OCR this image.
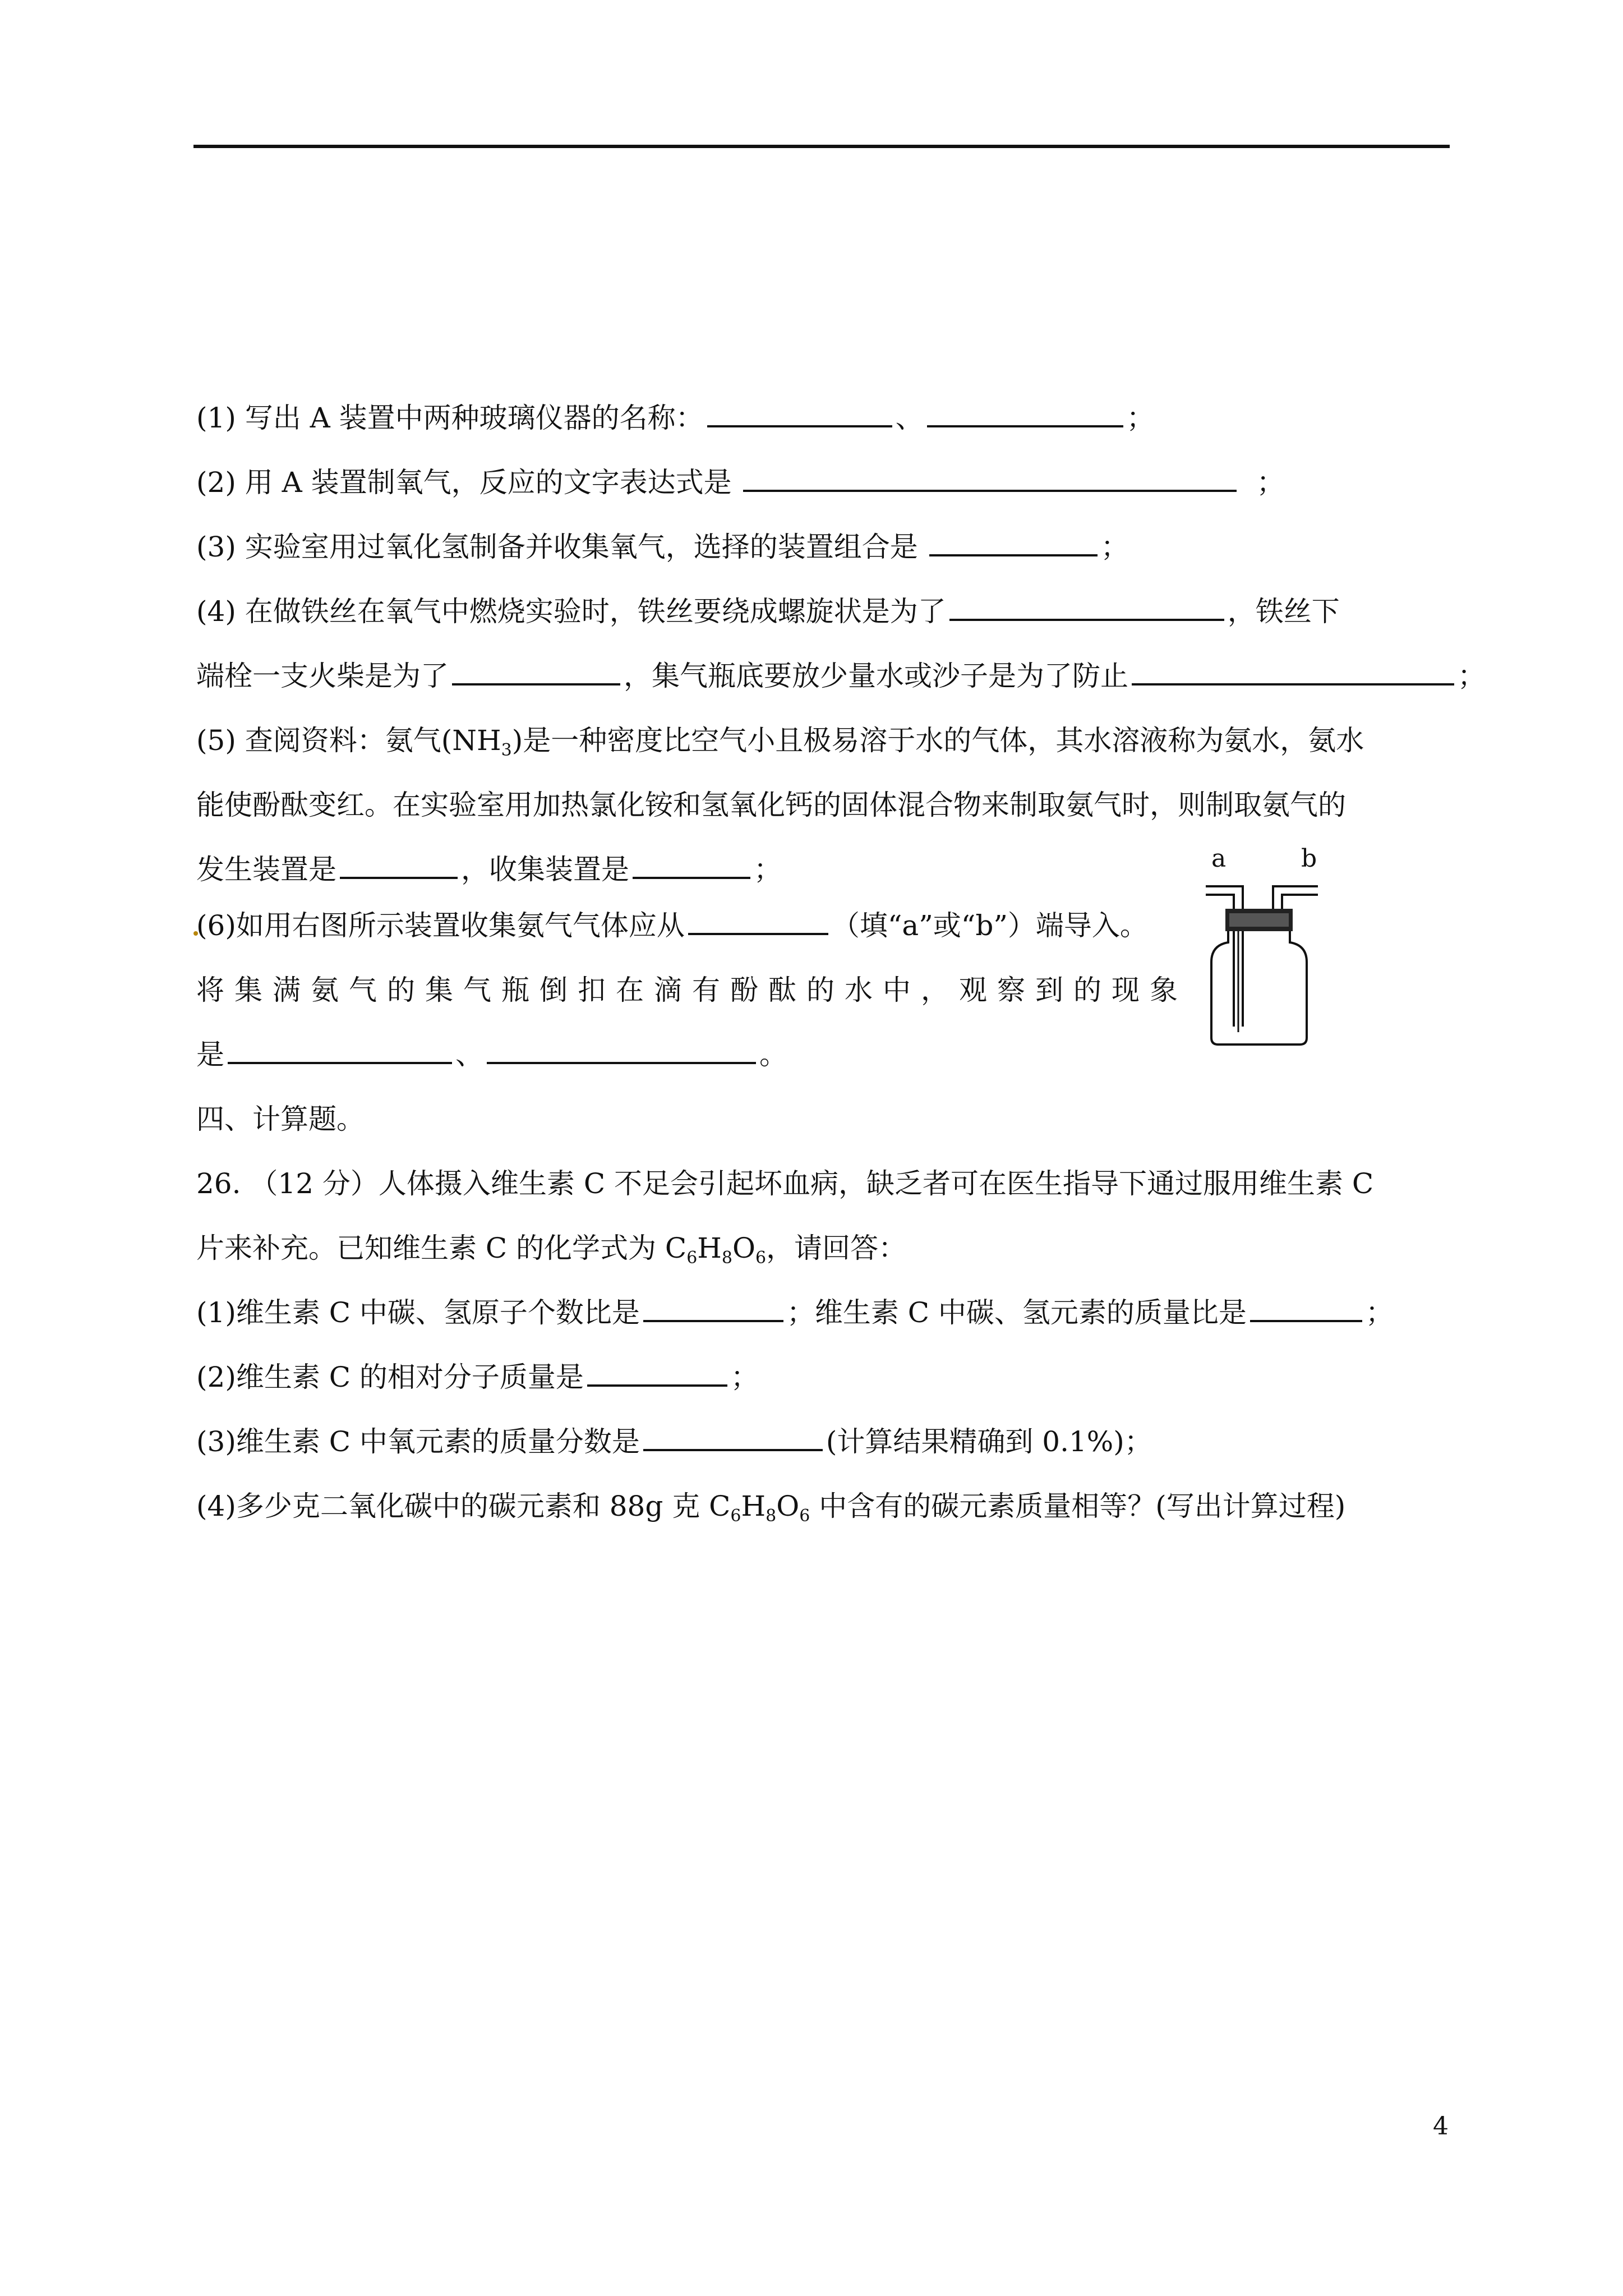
(1) 写出 A 装置中两种玻璃仪器的名称：	、	；
(2) 用 A 装置制氧气，反应的文字表达式是	；
(3) 实验室用过氧化氢制备并收集氧气，选择的装置组合是	；
(4) 在做铁丝在氧气中燃烧实验时，铁丝要绕成螺旋状是为了	，铁丝下
端栓一支火柴是为了	，集气瓶底要放少量水或沙子是为了防止	；
(5) 查阅资料：氨气$(NH_3)$是一种密度比空气小且极易溶于水的气体，其水溶液称为氨水，氨水
能使酚酞变红。在实验室用加热氯化铵和氢氧化钙的固体混合物来制取氨气时，则制取氨气的
发生装置是	，收集装置是	；
(6)如用右图所示装置收集氨气气体应从	（填“a”或“b”）端导入。
将集满氨气的集气瓶倒扣在滴有酚酞的水中，观察到的现象
是	、	。
a	b
四、计算题。
26. （12 分）人体摄入维生素 C 不足会引起坏血病，缺乏者可在医生指导下通过服用维生素 C
片来补充。已知维生素 C 的化学式为 $C_6H_8O_6$，请回答：
(1)维生素 C 中碳、氢原子个数比是	；维生素 C 中碳、氢元素的质量比是	；
(2)维生素 C 的相对分子质量是	；
(3)维生素 C 中氧元素的质量分数是	(计算结果精确到 0.1%)；
(4)多少克二氧化碳中的碳元素和 88g 克 $C_6H_8O_6$ 中含有的碳元素质量相等？(写出计算过程)
4
